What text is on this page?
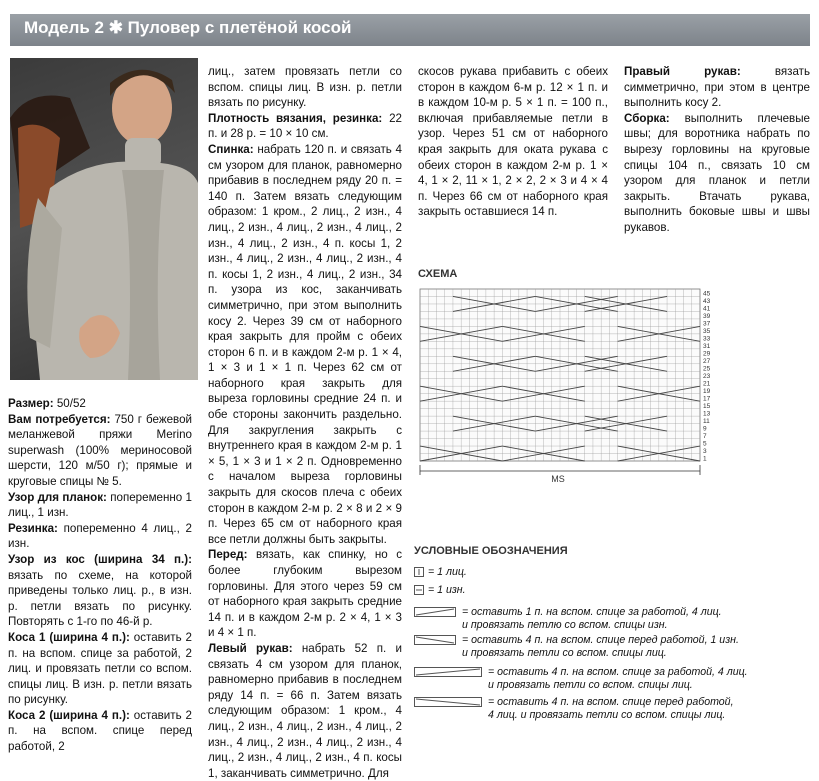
Модель 2 ✱ Пуловер с плетёной косой

Размер: 50/52

Вам потребуется: 750 г бежевой меланжевой пряжи Merino superwash (100% мериносовой шерсти, 120 м/50 г); прямые и круговые спицы № 5.

Узор для планок: попеременно 1 лиц., 1 изн.

Резинка: попеременно 4 лиц., 2 изн.

Узор из кос (ширина 34 п.): вязать по схеме, на которой приведены только лиц. р., в изн. р. петли вязать по рисунку. Повторять с 1-го по 46-й р.

Коса 1 (ширина 4 п.): оставить 2 п. на вспом. спице за работой, 2 лиц. и провязать петли со вспом. спицы лиц. В изн. р. петли вязать по рисунку.

Коса 2 (ширина 4 п.): оставить 2 п. на вспом. спице перед работой, 2

лиц., затем провязать петли со вспом. спицы лиц. В изн. р. петли вязать по рисунку.

Плотность вязания, резинка: 22 п. и 28 р. = 10 × 10 см.

Спинка: набрать 120 п. и связать 4 см узором для планок, равномерно прибавив в последнем ряду 20 п. = 140 п. Затем вязать следующим образом: 1 кром., 2 лиц., 2 изн., 4 лиц., 2 изн., 4 лиц., 2 изн., 4 лиц., 2 изн., 4 лиц., 2 изн., 4 п. косы 1, 2 изн., 4 лиц., 2 изн., 4 лиц., 2 изн., 4 п. косы 1, 2 изн., 4 лиц., 2 изн., 34 п. узора из кос, заканчивать симметрично, при этом выполнить косу 2. Через 39 см от наборного края закрыть для пройм с обеих сторон 6 п. и в каждом 2-м р. 1 × 4, 1 × 3 и 1 × 1 п. Через 62 см от наборного края закрыть для выреза горловины средние 24 п. и обе стороны закончить раздельно. Для закругления закрыть с внутреннего края в каждом 2-м р. 1 × 5, 1 × 3 и 1 × 2 п. Одновременно с началом выреза горловины закрыть для скосов плеча с обеих сторон в каждом 2-м р. 2 × 8 и 2 × 9 п. Через 65 см от наборного края все петли должны быть закрыты.

Перед: вязать, как спинку, но с более глубоким вырезом горловины. Для этого через 59 см от наборного края закрыть средние 14 п. и в каждом 2-м р. 2 × 4, 1 × 3 и 4 × 1 п.

Левый рукав: набрать 52 п. и связать 4 см узором для планок, равномерно прибавив в последнем ряду 14 п. = 66 п. Затем вязать следующим образом: 1 кром., 4 лиц., 2 изн., 4 лиц., 2 изн., 4 лиц., 2 изн., 4 лиц., 2 изн., 4 лиц., 2 изн., 4 лиц., 2 изн., 4 лиц., 2 изн., 4 п. косы 1, заканчивать симметрично. Для

скосов рукава прибавить с обеих сторон в каждом 6-м р. 12 × 1 п. и в каждом 10-м р. 5 × 1 п. = 100 п., включая прибавляемые петли в узор. Через 51 см от наборного края закрыть для оката рукава с обеих сторон в каждом 2-м р. 1 × 4, 1 × 2, 11 × 1, 2 × 2, 2 × 3 и 4 × 4 п. Через 66 см от наборного края закрыть оставшиеся 14 п.

Правый рукав: вязать симметрично, при этом в центре выполнить косу 2.

Сборка: выполнить плечевые швы; для воротника набрать по вырезу горловины на круговые спицы 104 п., связать 10 см узором для планок и петли закрыть. Втачать рукава, выполнить боковые швы и швы рукавов.

СХЕМА
45
43
41
39
37
35
33
31
29
27
25
23
21
19
17
15
13
11
9
7
5
3
1
MS
УСЛОВНЫЕ ОБОЗНАЧЕНИЯ
= 1 лиц.
= 1 изн.
= оставить 1 п. на вспом. спице за работой, 4 лиц.
и провязать петлю со вспом. спицы изн.
= оставить 4 п. на вспом. спице перед работой, 1 изн.
и провязать петли со вспом. спицы лиц.
= оставить 4 п. на вспом. спице за работой, 4 лиц.
и провязать петли со вспом. спицы лиц.
= оставить 4 п. на вспом. спице перед работой,
4 лиц. и провязать петли со вспом. спицы лиц.
